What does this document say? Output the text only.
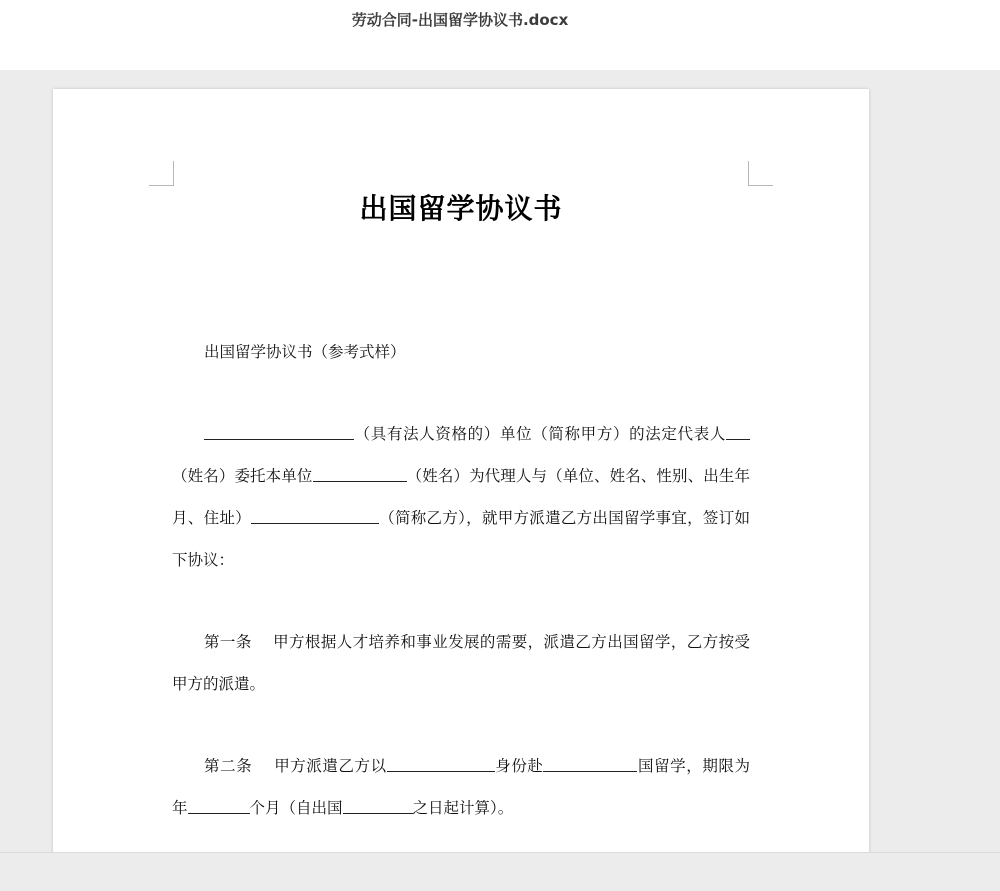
劳动合同-出国留学协议书.docx
出国留学协议书

出国留学协议书（参考式样）

（具有法人资格的）单位（简称甲方）的法定代表人（姓名）委托本单位	（姓名）为代理人与（单位、姓名、性别、出生年月、住址）	（简称乙方），就甲方派遣乙方出国留学事宜，签订如下协议：

第一条 甲方根据人才培养和事业发展的需要，派遣乙方出国留学，乙方按受甲方的派遣。

第二条 甲方派遣乙方以	身份赴	国留学，期限为年	个月（自出国	之日起计算）。
